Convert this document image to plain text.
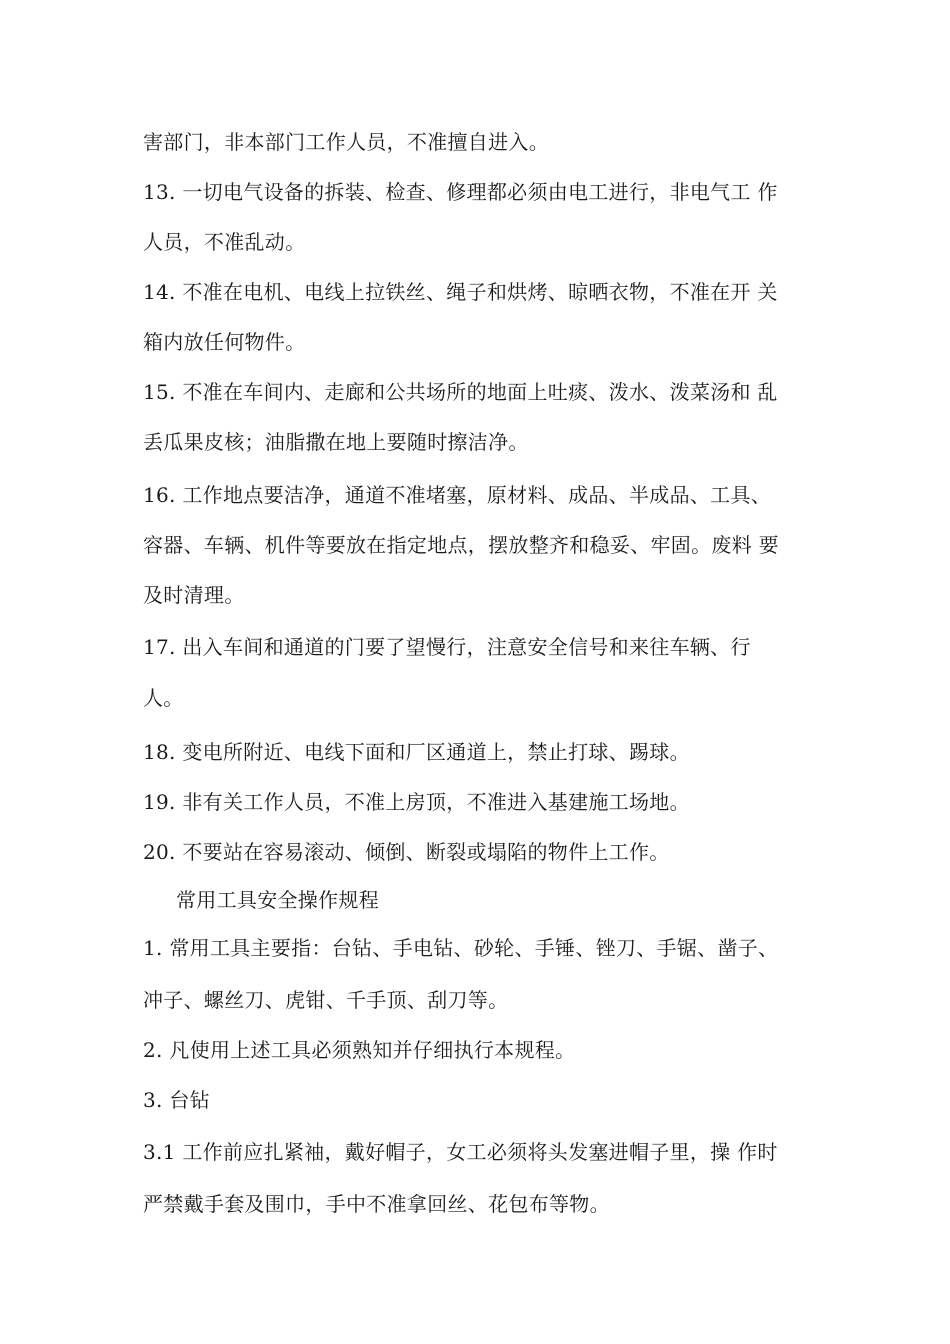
害部门，非本部门工作人员，不准擅自进入。
13. 一切电气设备的拆装、检查、修理都必须由电工进行，非电气工 作
人员，不准乱动。
14. 不准在电机、电线上拉铁丝、绳子和烘烤、晾晒衣物，不准在开 关
箱内放任何物件。
15. 不准在车间内、走廊和公共场所的地面上吐痰、泼水、泼菜汤和 乱
丢瓜果皮核；油脂撒在地上要随时擦洁净。
16. 工作地点要洁净，通道不准堵塞，原材料、成品、半成品、工具、
容器、车辆、机件等要放在指定地点，摆放整齐和稳妥、牢固。废料 要
及时清理。
17. 出入车间和通道的门要了望慢行，注意安全信号和来往车辆、行
人。
18. 变电所附近、电线下面和厂区通道上，禁止打球、踢球。
19. 非有关工作人员，不准上房顶，不准进入基建施工场地。
20. 不要站在容易滚动、倾倒、断裂或塌陷的物件上工作。
常用工具安全操作规程
1. 常用工具主要指：台钻、手电钻、砂轮、手锤、锉刀、手锯、凿子、
冲子、螺丝刀、虎钳、千手顶、刮刀等。
2. 凡使用上述工具必须熟知并仔细执行本规程。
3. 台钻
3.1 工作前应扎紧袖，戴好帽子，女工必须将头发塞进帽子里，操 作时
严禁戴手套及围巾，手中不准拿回丝、花包布等物。
